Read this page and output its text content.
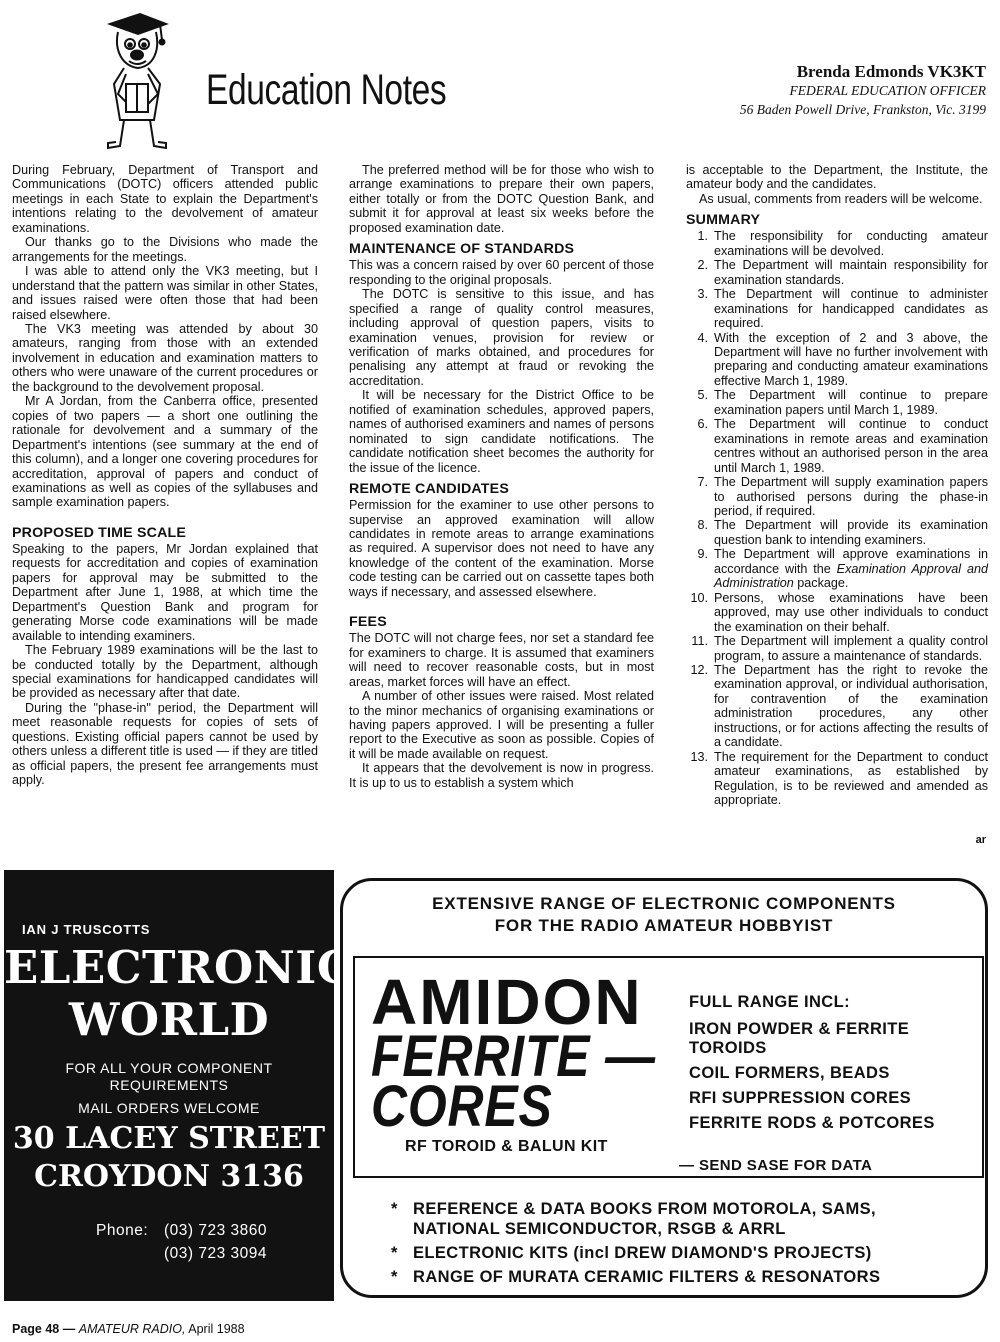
Education Notes	Brenda Edmonds VK3KT
FEDERAL EDUCATION OFFICER
56 Baden Powell Drive, Frankston, Vic. 3199

During February, Department of Transport and Communications (DOTC) officers attended public meetings in each State to explain the Department's intentions relating to the devolvement of amateur examinations.

Our thanks go to the Divisions who made the arrangements for the meetings.

I was able to attend only the VK3 meeting, but I understand that the pattern was similar in other States, and issues raised were often those that had been raised elsewhere.

The VK3 meeting was attended by about 30 amateurs, ranging from those with an extended involvement in education and examination matters to others who were unaware of the current procedures or the background to the devolvement proposal.

Mr A Jordan, from the Canberra office, presented copies of two papers — a short one outlining the rationale for devolvement and a summary of the Department's intentions (see summary at the end of this column), and a longer one covering procedures for accreditation, approval of papers and conduct of examinations as well as copies of the syllabuses and sample examination papers.

PROPOSED TIME SCALE

Speaking to the papers, Mr Jordan explained that requests for accreditation and copies of examination papers for approval may be submitted to the Department after June 1, 1988, at which time the Department's Question Bank and program for generating Morse code examinations will be made available to intending examiners.

The February 1989 examinations will be the last to be conducted totally by the Department, although special examinations for handicapped candidates will be provided as necessary after that date.

During the "phase-in" period, the Department will meet reasonable requests for copies of sets of questions. Existing official papers cannot be used by others unless a different title is used — if they are titled as official papers, the present fee arrangements must apply.

The preferred method will be for those who wish to arrange examinations to prepare their own papers, either totally or from the DOTC Question Bank, and submit it for approval at least six weeks before the proposed examination date.

MAINTENANCE OF STANDARDS

This was a concern raised by over 60 percent of those responding to the original proposals.

The DOTC is sensitive to this issue, and has specified a range of quality control measures, including approval of question papers, visits to examination venues, provision for review or verification of marks obtained, and procedures for penalising any attempt at fraud or revoking the accreditation.

It will be necessary for the District Office to be notified of examination schedules, approved papers, names of authorised examiners and names of persons nominated to sign candidate notifications. The candidate notification sheet becomes the authority for the issue of the licence.

REMOTE CANDIDATES

Permission for the examiner to use other persons to supervise an approved examination will allow candidates in remote areas to arrange examinations as required. A supervisor does not need to have any knowledge of the content of the examination. Morse code testing can be carried out on cassette tapes both ways if necessary, and assessed elsewhere.

FEES

The DOTC will not charge fees, nor set a standard fee for examiners to charge. It is assumed that examiners will need to recover reasonable costs, but in most areas, market forces will have an effect.

A number of other issues were raised. Most related to the minor mechanics of organising examinations or having papers approved. I will be presenting a fuller report to the Executive as soon as possible. Copies of it will be made available on request.

It appears that the devolvement is now in progress. It is up to us to establish a system which

is acceptable to the Department, the Institute, the amateur body and the candidates.

As usual, comments from readers will be welcome.

SUMMARY
1. The responsibility for conducting amateur examinations will be devolved.
2. The Department will maintain responsibility for examination standards.
3. The Department will continue to administer examinations for handicapped candidates as required.
4. With the exception of 2 and 3 above, the Department will have no further involvement with preparing and conducting amateur examinations effective March 1, 1989.
5. The Department will continue to prepare examination papers until March 1, 1989.
6. The Department will continue to conduct examinations in remote areas and examination centres without an authorised person in the area until March 1, 1989.
7. The Department will supply examination papers to authorised persons during the phase-in period, if required.
8. The Department will provide its examination question bank to intending examiners.
9. The Department will approve examinations in accordance with the Examination Approval and Administration package.
10. Persons, whose examinations have been approved, may use other individuals to conduct the examination on their behalf.
11. The Department will implement a quality control program, to assure a maintenance of standards.
12. The Department has the right to revoke the examination approval, or individual authorisation, for contravention of the examination administration procedures, any other instructions, or for actions affecting the results of a candidate.
13. The requirement for the Department to conduct amateur examinations, as established by Regulation, is to be reviewed and amended as appropriate.
ar
IAN J TRUSCOTTS
ELECTRONIC
WORLD
FOR ALL YOUR COMPONENT
REQUIREMENTS
MAIL ORDERS WELCOME
30 LACEY STREET
CROYDON 3136
Phone: (03) 723 3860
(03) 723 3094
EXTENSIVE RANGE OF ELECTRONIC COMPONENTS
FOR THE RADIO AMATEUR HOBBYIST
AMIDON
FERRITE —
CORES
RF TOROID & BALUN KIT
FULL RANGE INCL:
IRON POWDER & FERRITE TOROIDS
COIL FORMERS, BEADS
RFI SUPPRESSION CORES
FERRITE RODS & POTCORES
— SEND SASE FOR DATA
* REFERENCE & DATA BOOKS FROM MOTOROLA, SAMS, NATIONAL SEMICONDUCTOR, RSGB & ARRL
* ELECTRONIC KITS (incl DREW DIAMOND'S PROJECTS)
* RANGE OF MURATA CERAMIC FILTERS & RESONATORS
Page 48 — AMATEUR RADIO, April 1988
